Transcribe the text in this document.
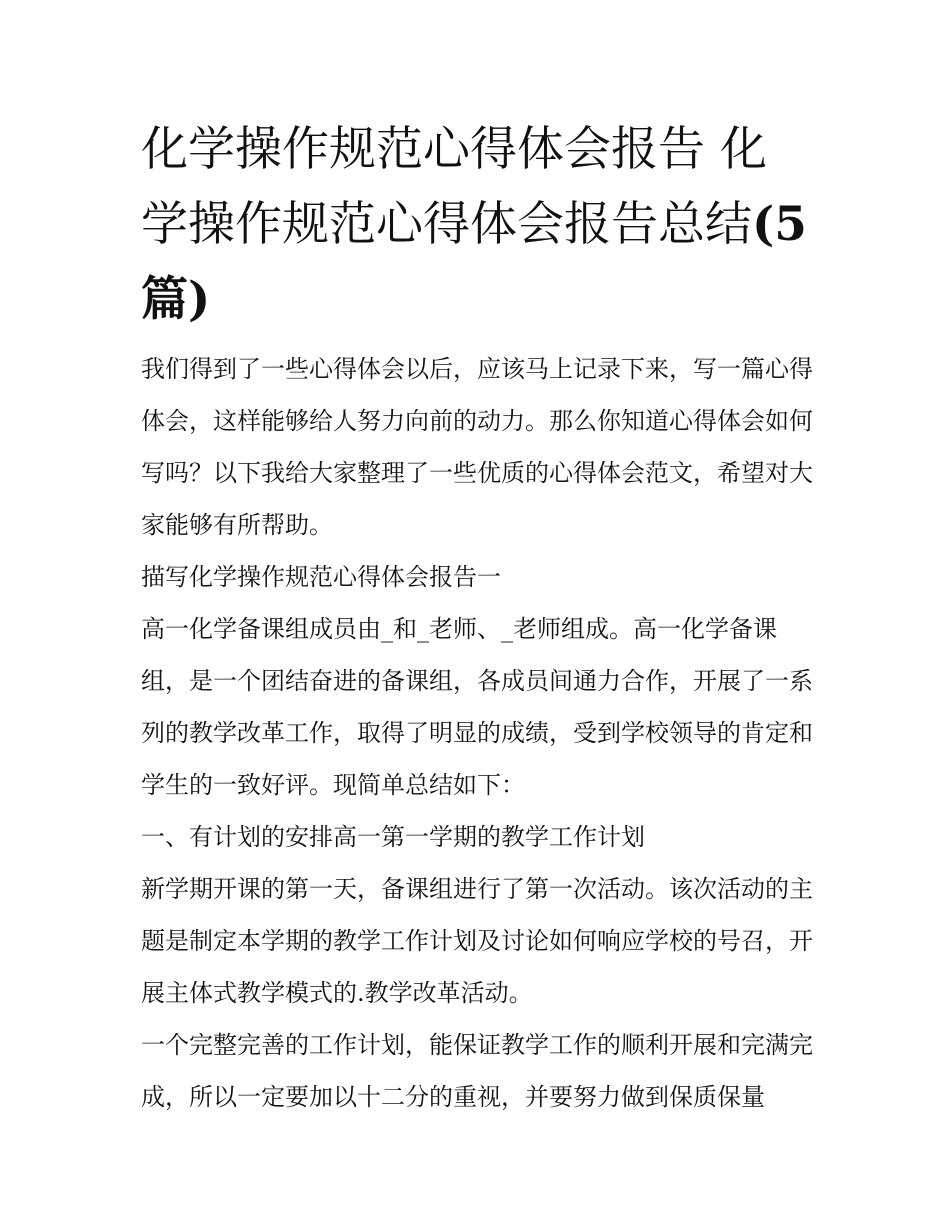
化学操作规范心得体会报告 化学操作规范心得体会报告总结(5篇)

我们得到了一些心得体会以后，应该马上记录下来，写一篇心得体会，这样能够给人努力向前的动力。那么你知道心得体会如何写吗？以下我给大家整理了一些优质的心得体会范文，希望对大家能够有所帮助。

描写化学操作规范心得体会报告一

高一化学备课组成员由_和_老师、_老师组成。高一化学备课组，是一个团结奋进的备课组，各成员间通力合作，开展了一系列的教学改革工作，取得了明显的成绩，受到学校领导的肯定和学生的一致好评。现简单总结如下：

一、有计划的安排高一第一学期的教学工作计划

新学期开课的第一天，备课组进行了第一次活动。该次活动的主题是制定本学期的教学工作计划及讨论如何响应学校的号召，开展主体式教学模式的.教学改革活动。

一个完整完善的工作计划，能保证教学工作的顺利开展和完满完成，所以一定要加以十二分的重视，并要努力做到保质保量
